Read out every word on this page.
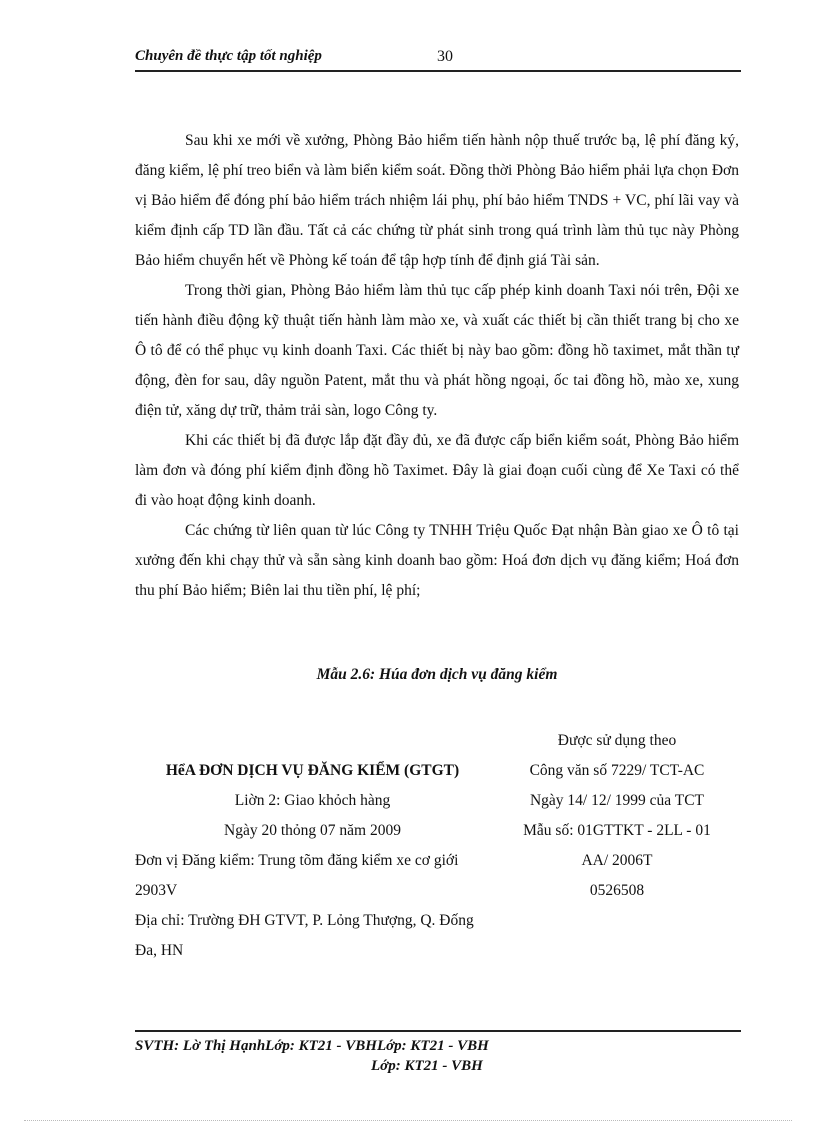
Chuyên đề thực tập tốt nghiệp	30

Sau khi xe mới về xưởng, Phòng Bảo hiểm tiến hành nộp thuế trước bạ, lệ phí đăng ký, đăng kiểm, lệ phí treo biển và làm biển kiểm soát. Đồng thời Phòng Bảo hiểm phải lựa chọn Đơn vị Bảo hiểm để đóng phí bảo hiểm trách nhiệm lái phụ, phí bảo hiểm TNDS + VC, phí lãi vay và kiểm định cấp TD lần đầu. Tất cả các chứng từ phát sinh trong quá trình làm thủ tục này Phòng Bảo hiểm chuyển hết về Phòng kế toán để tập hợp tính để định giá Tài sản.

Trong thời gian, Phòng Bảo hiểm làm thủ tục cấp phép kinh doanh Taxi nói trên, Đội xe tiến hành điều động kỹ thuật tiến hành làm mào xe, và xuất các thiết bị cần thiết trang bị cho xe Ô tô để có thể phục vụ kinh doanh Taxi. Các thiết bị này bao gồm: đồng hồ taximet, mắt thần tự động, đèn for sau, dây nguồn Patent, mắt thu và phát hồng ngoại, ốc tai đồng hồ, mào xe, xung điện tử, xăng dự trữ, thảm trải sàn, logo Công ty.

Khi các thiết bị đã được lắp đặt đầy đủ, xe đã được cấp biển kiểm soát, Phòng Bảo hiểm làm đơn và đóng phí kiểm định đồng hồ Taximet. Đây là giai đoạn cuối cùng để Xe Taxi có thể đi vào hoạt động kinh doanh.

Các chứng từ liên quan từ lúc Công ty TNHH Triệu Quốc Đạt nhận Bàn giao xe Ô tô tại xưởng đến khi chạy thử và sẵn sàng kinh doanh bao gồm: Hoá đơn dịch vụ đăng kiểm; Hoá đơn thu phí Bảo hiểm; Biên lai thu tiền phí, lệ phí;

Mẫu 2.6: Húa đơn dịch vụ đăng kiểm
HểA ĐƠN DỊCH VỤ ĐĂNG KIỂM (GTGT)
Liờn 2: Giao khỏch hàng
Ngày 20 thỏng 07 năm 2009
Đơn vị Đăng kiểm: Trung tõm đăng kiểm xe cơ giới 2903V
Địa chỉ: Trường ĐH GTVT, P. Lỏng Thượng, Q. Đống Đa, HN
Được sử dụng theo
Công văn số 7229/ TCT-AC
Ngày 14/ 12/ 1999 của TCT
Mẫu số: 01GTTKT - 2LL - 01
AA/ 2006T
0526508
SVTH: Lờ Thị HạnhLớp: KT21 - VBHLớp: KT21 - VBH
Lớp: KT21 - VBH
